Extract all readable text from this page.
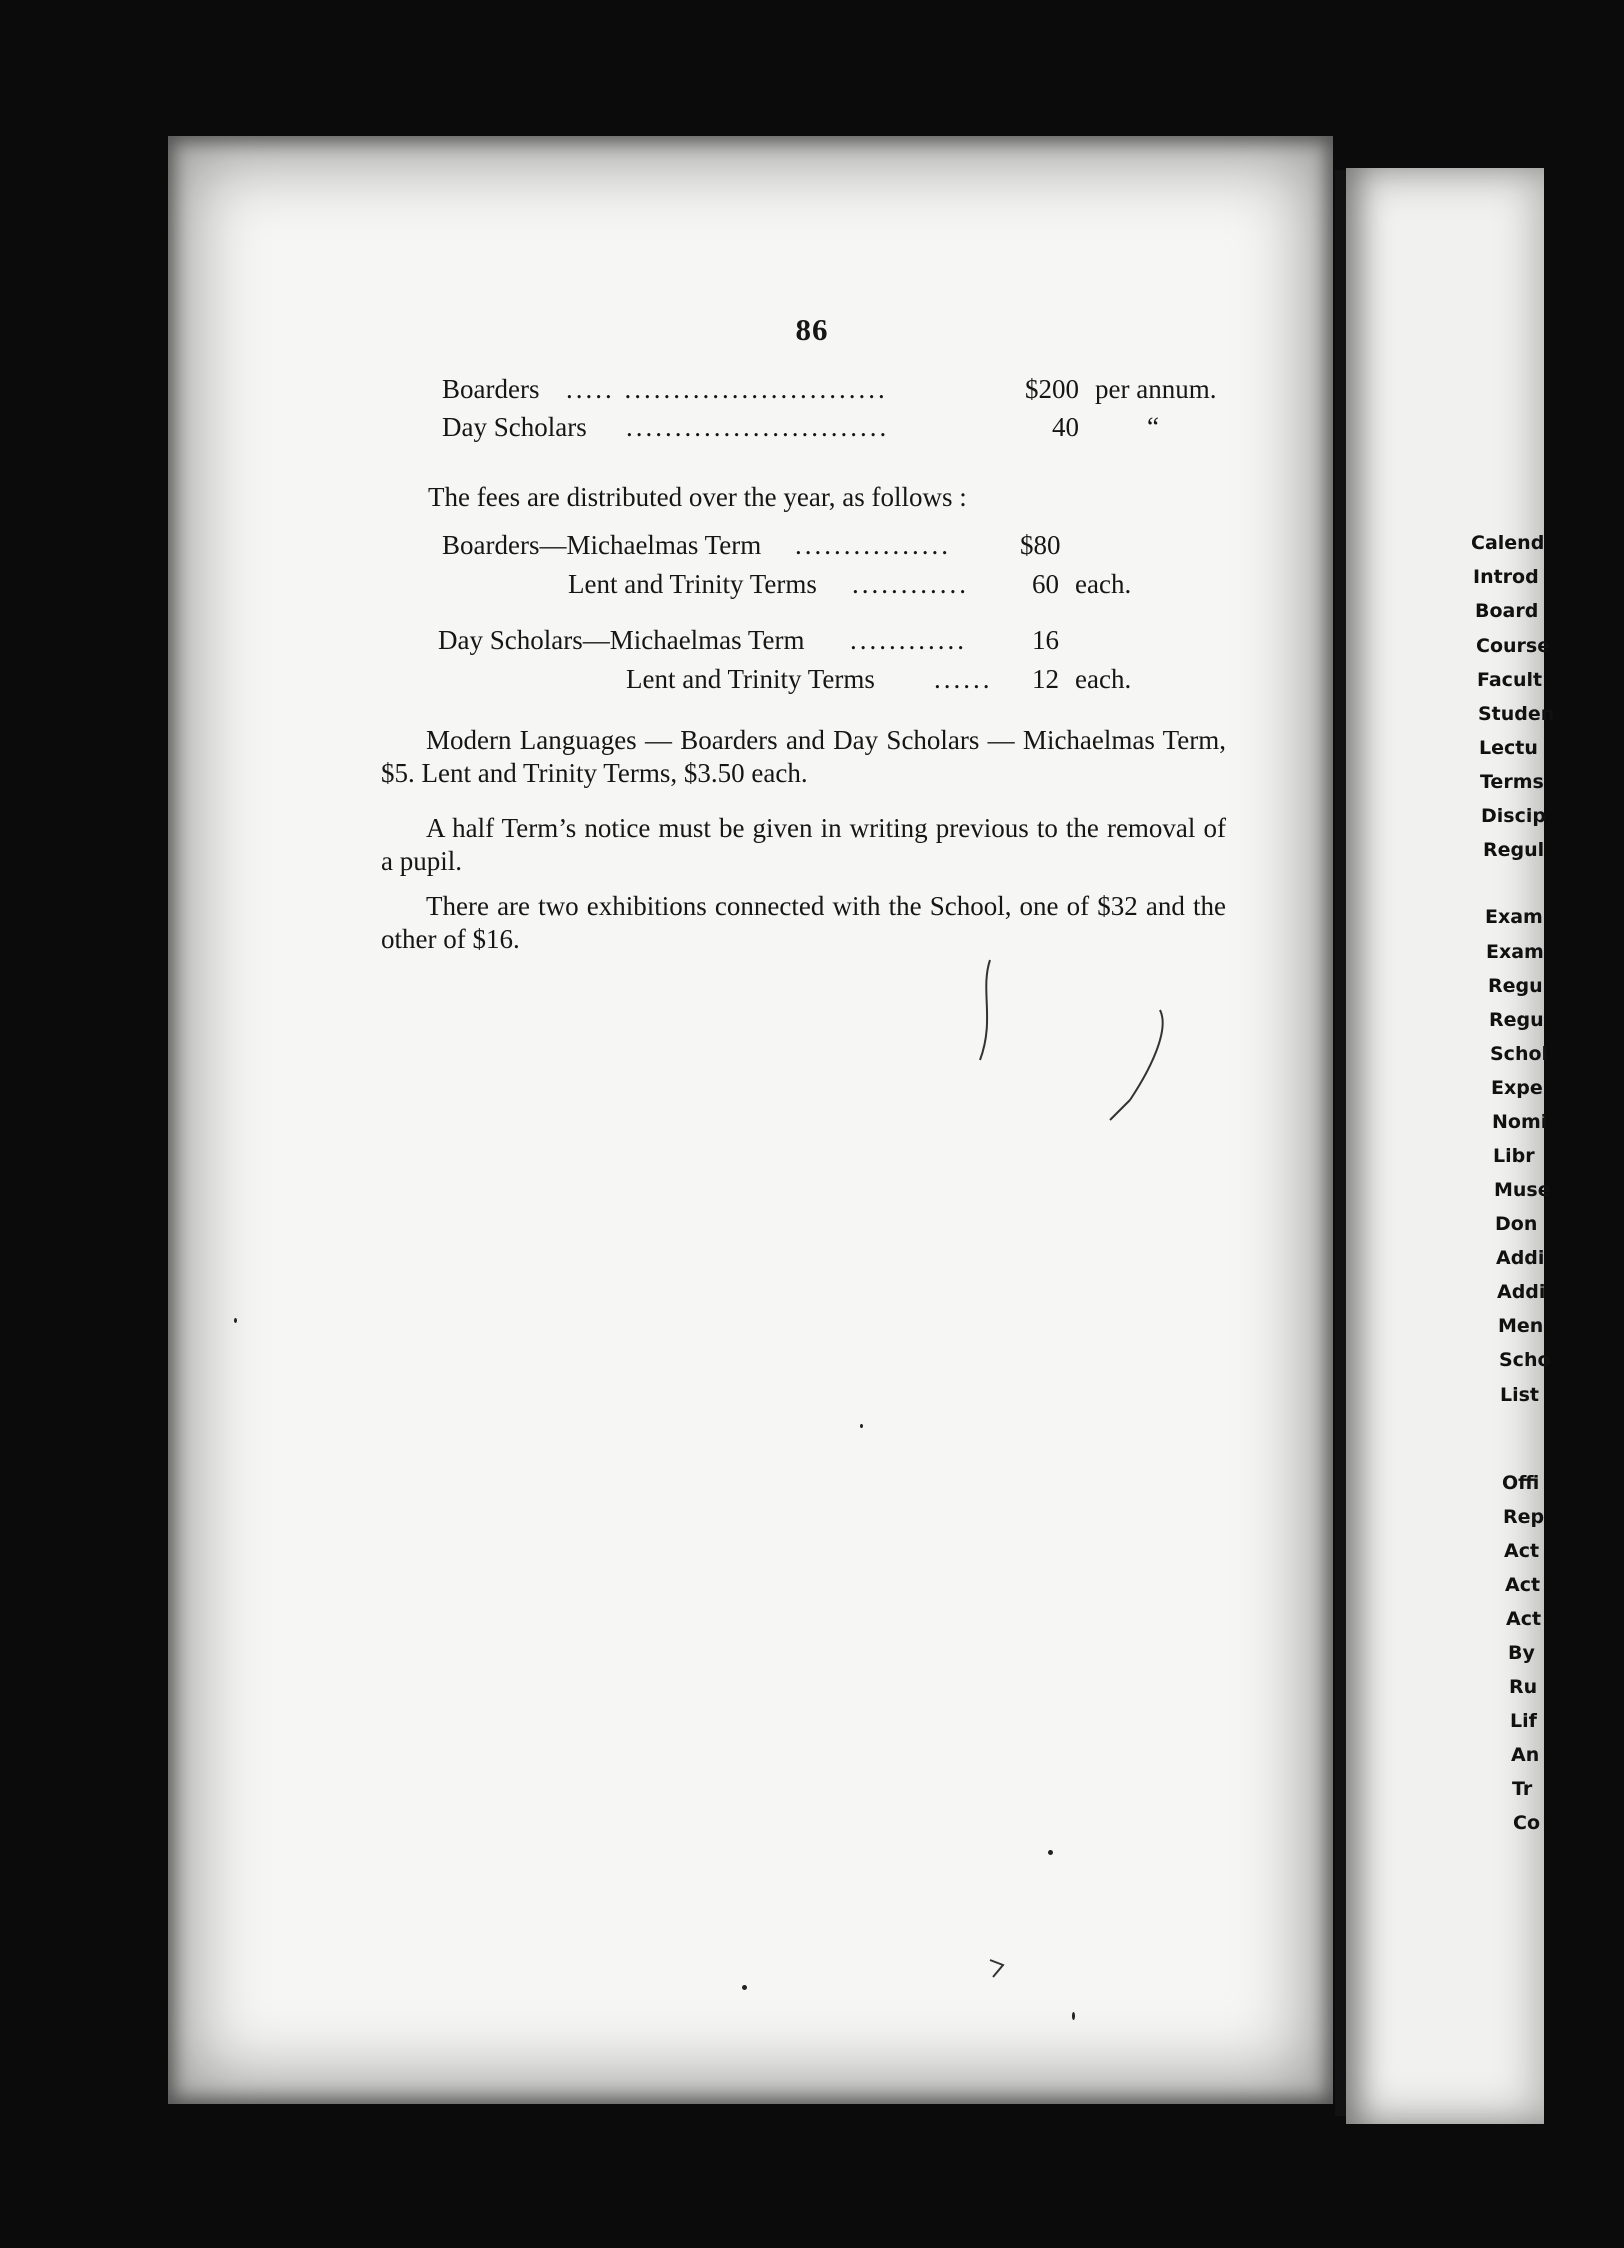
86
Boarders ..... ...........................	$200 per annum.
Day Scholars ...........................	40	“
The fees are distributed over the year, as follows :
Boarders—Michaelmas Term ................	$80
Lent and Trinity Terms ............ 60 each.
Day Scholars—Michaelmas Term ............ 16
Lent and Trinity Terms ...... 12 each.
Modern Languages — Boarders and Day Scholars — Michaelmas Term, $5. Lent and Trinity Terms, $3.50 each.
A half Term’s notice must be given in writing previous to the removal of a pupil.
There are two exhibitions connected with the School, one of $32 and the other of $16.
Calend
Introd
Board
Course
Facult
Studen
Lectu
Terms
Discip
Regul
Exam
Exam
Regu
Regu
Schol
Expe
Nomi
Libr
Muse
Don
Addi
Addi
Men
Scho
List
Offi
Rep
Act
Act
Act
By
Ru
Lif
An
Tr
Co
